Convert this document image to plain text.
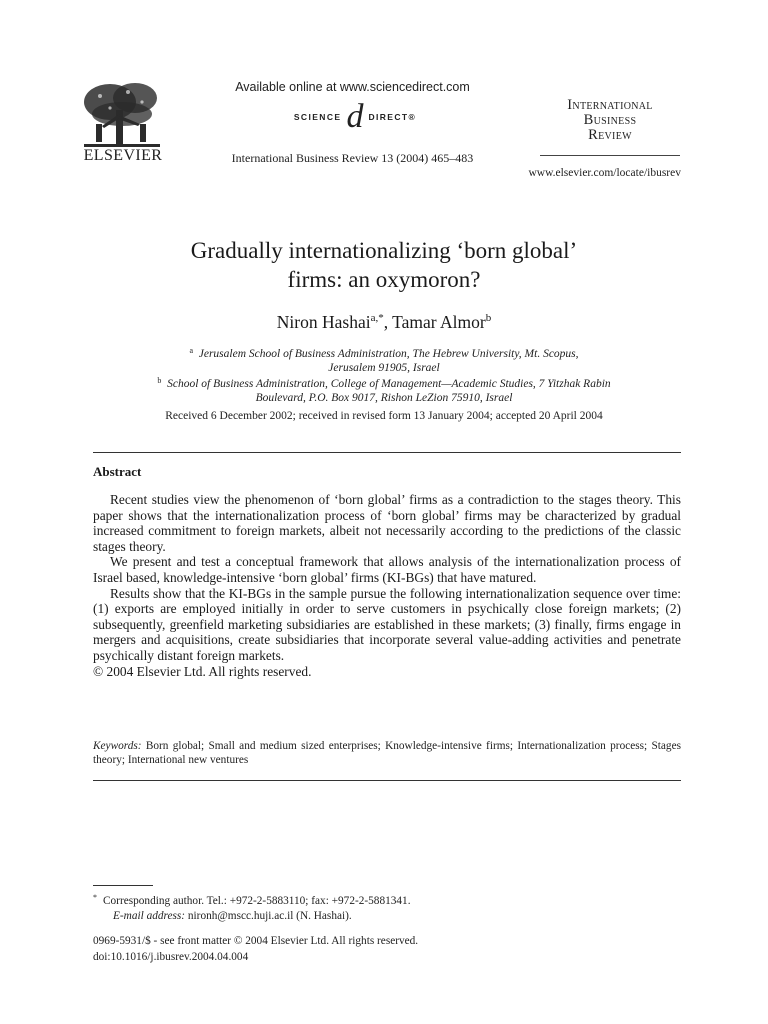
ELSEVIER
Available online at www.sciencedirect.com
SCIENCE d DIRECT®
International Business Review 13 (2004) 465–483
International
Business
Review
www.elsevier.com/locate/ibusrev
Gradually internationalizing ‘born global’
firms: an oxymoron?
Niron Hashai$^{a,*}$, Tamar Almor$^b$
$^a$ Jerusalem School of Business Administration, The Hebrew University, Mt. Scopus,
Jerusalem 91905, Israel
$^b$ School of Business Administration, College of Management—Academic Studies, 7 Yitzhak Rabin
Boulevard, P.O. Box 9017, Rishon LeZion 75910, Israel
Received 6 December 2002; received in revised form 13 January 2004; accepted 20 April 2004
Abstract

Recent studies view the phenomenon of ‘born global’ firms as a contradiction to the stages theory. This paper shows that the internationalization process of ‘born global’ firms may be characterized by gradual increased commitment to foreign markets, albeit not necessarily according to the predictions of the classic stages theory.

We present and test a conceptual framework that allows analysis of the internationalization process of Israel based, knowledge-intensive ‘born global’ firms (KI-BGs) that have matured.

Results show that the KI-BGs in the sample pursue the following internationalization sequence over time: (1) exports are employed initially in order to serve customers in psychically close foreign markets; (2) subsequently, greenfield marketing subsidiaries are established in these markets; (3) finally, firms engage in mergers and acquisitions, create subsidiaries that incorporate several value-adding activities and penetrate psychically distant foreign markets.

© 2004 Elsevier Ltd. All rights reserved.

Keywords: Born global; Small and medium sized enterprises; Knowledge-intensive firms; Internationalization process; Stages theory; International new ventures
* Corresponding author. Tel.: +972-2-5883110; fax: +972-2-5881341.
E-mail address: nironh@mscc.huji.ac.il (N. Hashai).
0969-5931/$ - see front matter © 2004 Elsevier Ltd. All rights reserved.
doi:10.1016/j.ibusrev.2004.04.004
